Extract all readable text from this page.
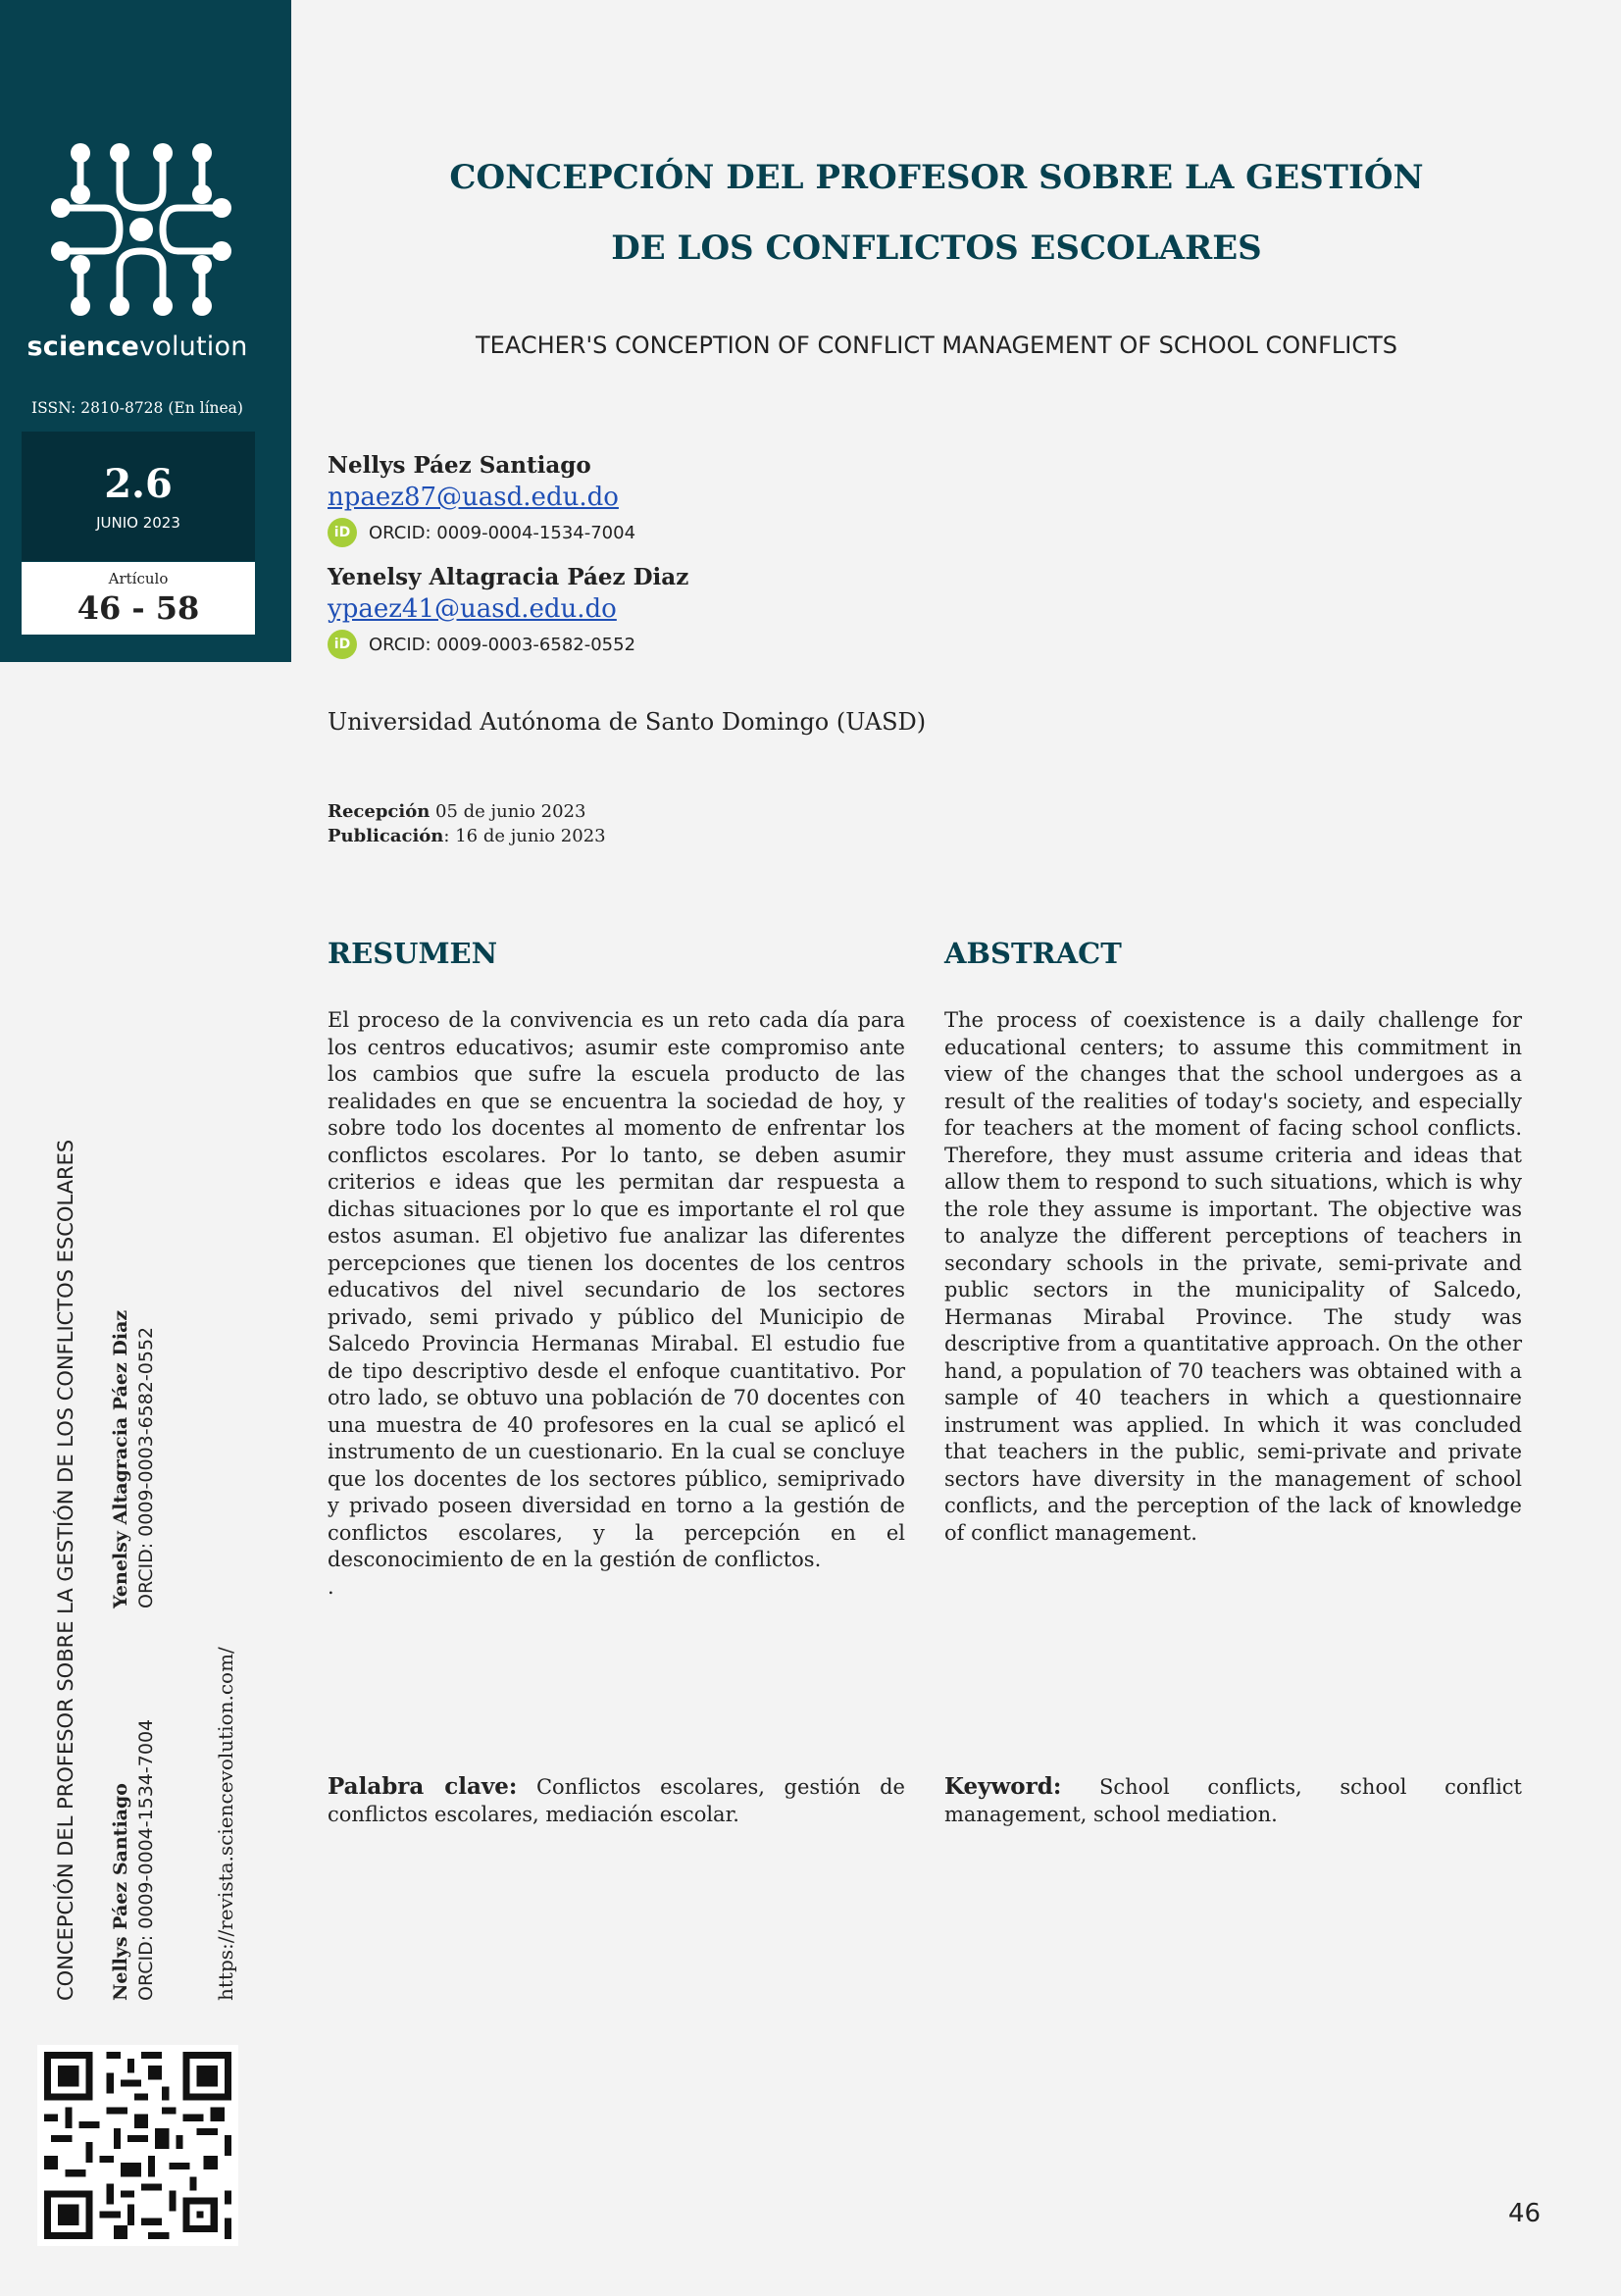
sciencevolution
ISSN: 2810-8728 (En línea)
2.6
JUNIO 2023
Artículo
46 - 58
CONCEPCIÓN DEL PROFESOR SOBRE LA GESTIÓN
DE LOS CONFLICTOS ESCOLARES
TEACHER'S CONCEPTION OF CONFLICT MANAGEMENT OF SCHOOL CONFLICTS
Nellys Páez Santiago
npaez87@uasd.edu.do
iD	ORCID: 0009-0004-1534-7004
Yenelsy Altagracia Páez Diaz
ypaez41@uasd.edu.do
iD	ORCID: 0009-0003-6582-0552
Universidad Autónoma de Santo Domingo (UASD)
Recepción 05 de junio 2023
Publicación: 16 de junio 2023
RESUMEN
El proceso de la convivencia es un reto cada día para los centros educativos; asumir este compromiso ante los cambios que sufre la escuela producto de las realidades en que se encuentra la sociedad de hoy, y sobre todo los docentes al momento de enfrentar los conflictos escolares. Por lo tanto, se deben asumir criterios e ideas que les permitan dar respuesta a dichas situaciones por lo que es importante el rol que estos asuman. El objetivo fue analizar las diferentes percepciones que tienen los docentes de los centros educativos del nivel secundario de los sectores privado, semi privado y público del Municipio de Salcedo Provincia Hermanas Mirabal. El estudio fue de tipo descriptivo desde el enfoque cuantitativo. Por otro lado, se obtuvo una población de 70 docentes con una muestra de 40 profesores en la cual se aplicó el instrumento de un cuestionario. En la cual se concluye que los docentes de los sectores público, semiprivado y privado poseen diversidad en torno a la gestión de conflictos escolares, y la percepción en el desconocimiento de en la gestión de conflictos.
.
Palabra clave: Conflictos escolares, gestión de conflictos escolares, mediación escolar.
ABSTRACT
The process of coexistence is a daily challenge for educational centers; to assume this commitment in view of the changes that the school undergoes as a result of the realities of today's society, and especially for teachers at the moment of facing school conflicts. Therefore, they must assume criteria and ideas that allow them to respond to such situations, which is why the role they assume is important. The objective was to analyze the different perceptions of teachers in secondary schools in the private, semi-private and public sectors in the municipality of Salcedo, Hermanas Mirabal Province. The study was descriptive from a quantitative approach. On the other hand, a population of 70 teachers was obtained with a sample of 40 teachers in which a questionnaire instrument was applied. In which it was concluded that teachers in the public, semi-private and private sectors have diversity in the management of school conflicts, and the perception of the lack of knowledge of conflict management.
Keyword: School conflicts, school conflict management, school mediation.
CONCEPCIÓN DEL PROFESOR SOBRE LA GESTIÓN DE LOS CONFLICTOS ESCOLARES Nellys Páez Santiago ORCID: 0009-0004-1534-7004
Yenelsy Altagracia Páez Diaz ORCID: 0009-0003-6582-0552
https://revista.sciencevolution.com/
46
